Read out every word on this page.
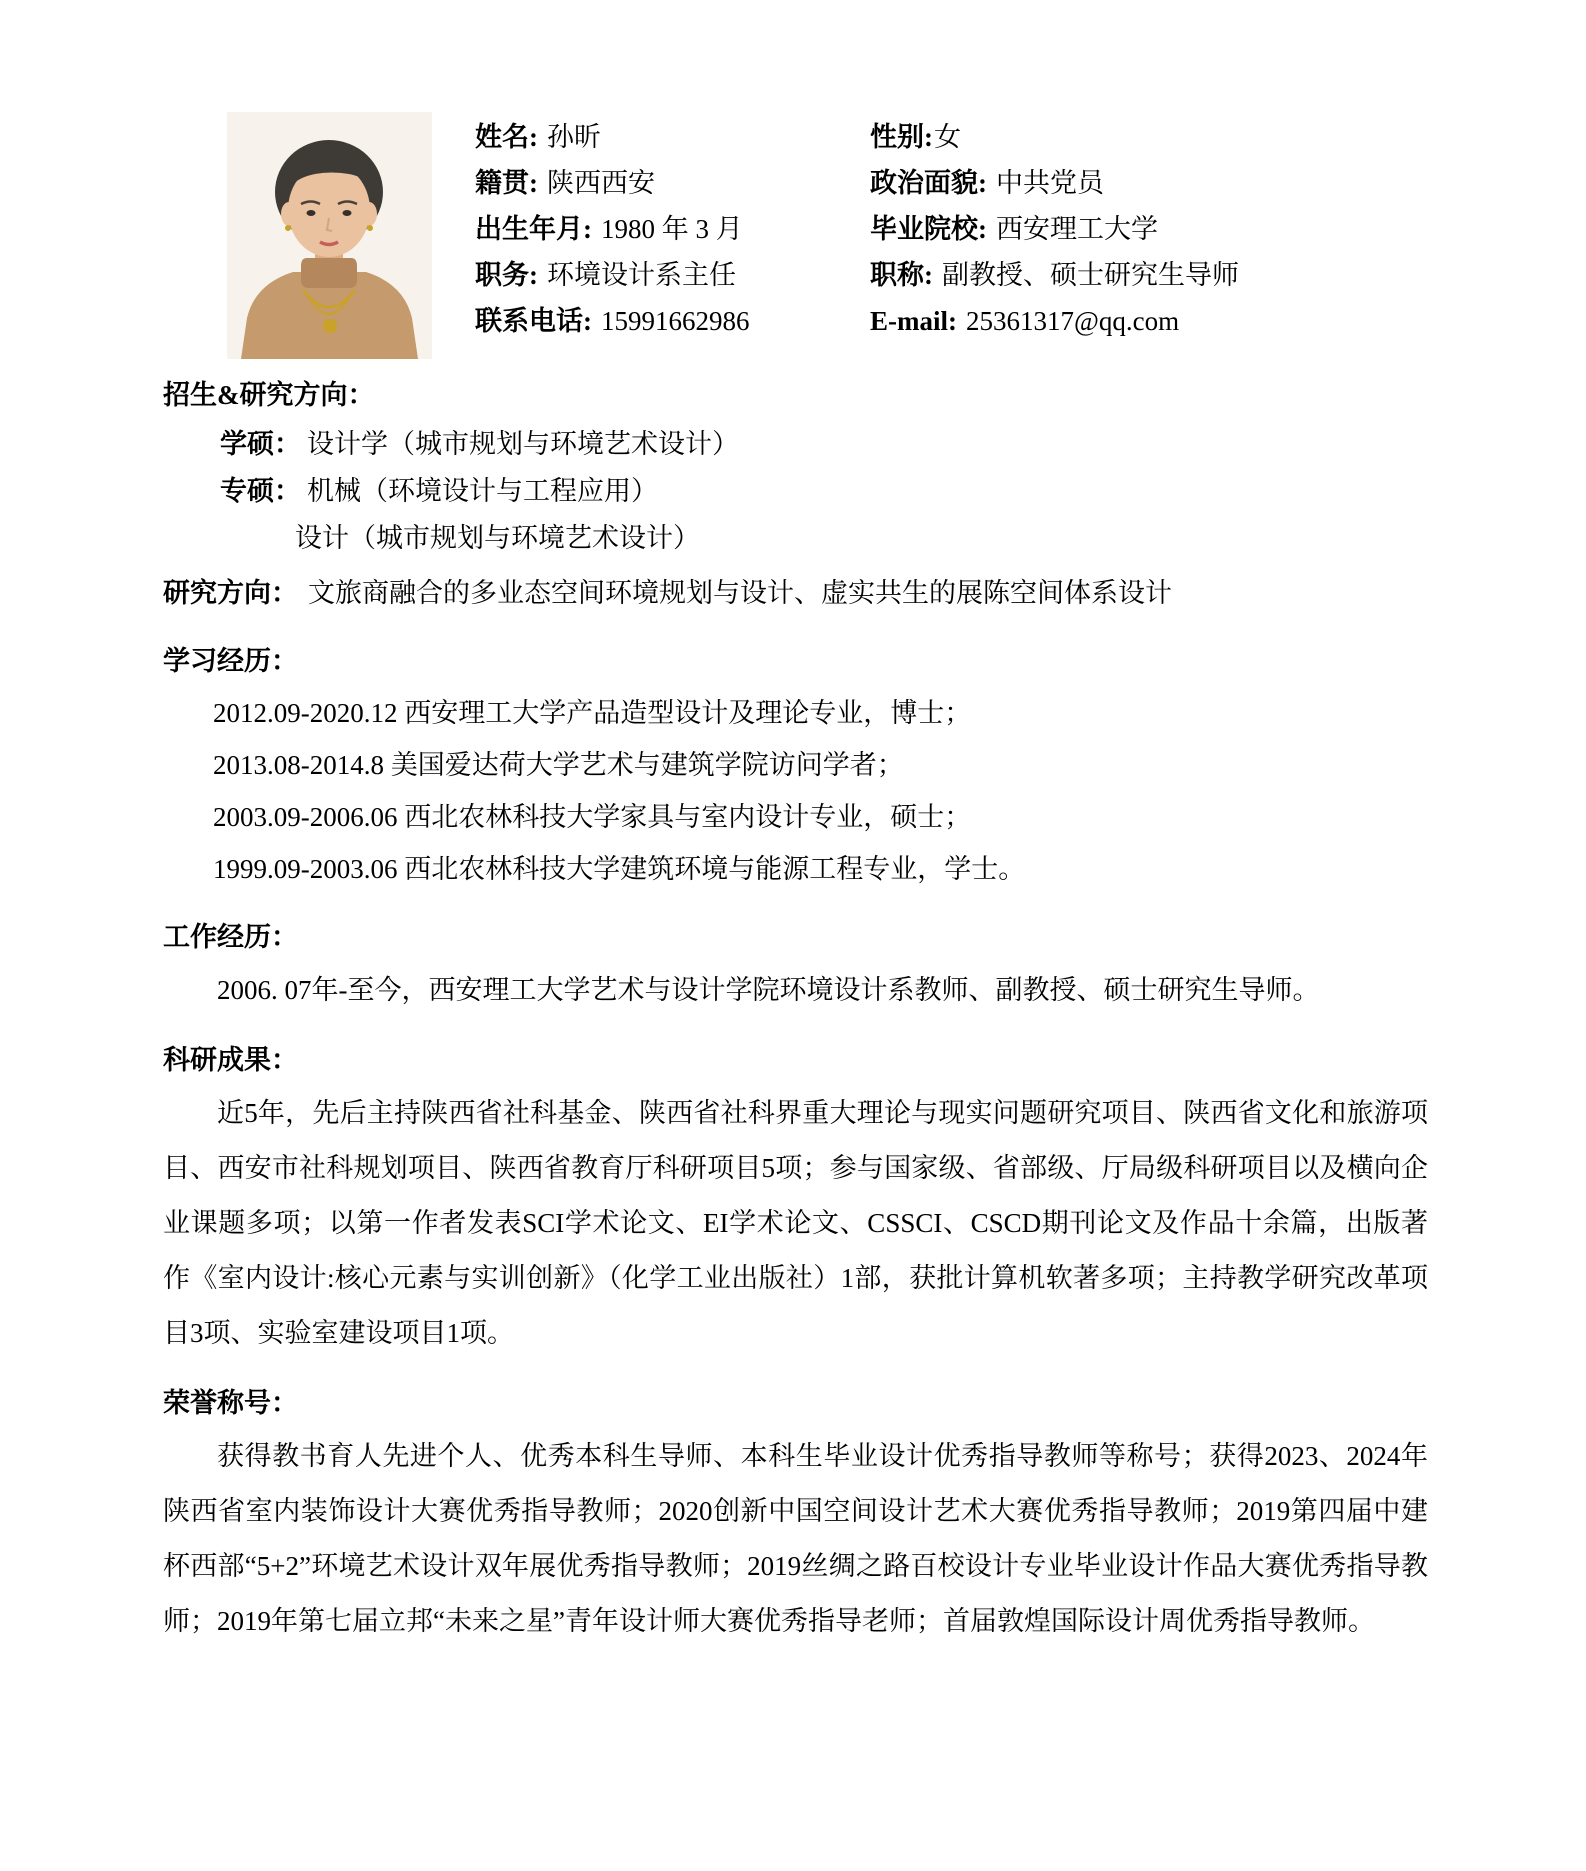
姓名: 孙昕
籍贯: 陕西西安
出生年月: 1980 年 3 月
职务: 环境设计系主任
联系电话: 15991662986
性别:女
政治面貌: 中共党员
毕业院校: 西安理工大学
职称: 副教授、硕士研究生导师
E-mail: 25361317@qq.com
招生&研究方向：
学硕： 设计学（城市规划与环境艺术设计）
专硕： 机械（环境设计与工程应用）
设计（城市规划与环境艺术设计）
研究方向： 文旅商融合的多业态空间环境规划与设计、虚实共生的展陈空间体系设计
学习经历：
2012.09-2020.12 西安理工大学产品造型设计及理论专业，博士；
2013.08-2014.8 美国爱达荷大学艺术与建筑学院访问学者；
2003.09-2006.06 西北农林科技大学家具与室内设计专业，硕士；
1999.09-2003.06 西北农林科技大学建筑环境与能源工程专业，学士。
工作经历：
2006. 07年-至今，西安理工大学艺术与设计学院环境设计系教师、副教授、硕士研究生导师。
科研成果：
近5年，先后主持陕西省社科基金、陕西省社科界重大理论与现实问题研究项目、陕西省文化和旅游项目、西安市社科规划项目、陕西省教育厅科研项目5项；参与国家级、省部级、厅局级科研项目以及横向企业课题多项；以第一作者发表SCI学术论文、EI学术论文、CSSCI、CSCD期刊论文及作品十余篇，出版著作《室内设计:核心元素与实训创新》（化学工业出版社）1部，获批计算机软著多项；主持教学研究改革项目3项、实验室建设项目1项。
荣誉称号：
获得教书育人先进个人、优秀本科生导师、本科生毕业设计优秀指导教师等称号；获得2023、2024年陕西省室内装饰设计大赛优秀指导教师；2020创新中国空间设计艺术大赛优秀指导教师；2019第四届中建杯西部“5+2”环境艺术设计双年展优秀指导教师；2019丝绸之路百校设计专业毕业设计作品大赛优秀指导教师；2019年第七届立邦“未来之星”青年设计师大赛优秀指导老师；首届敦煌国际设计周优秀指导教师。
